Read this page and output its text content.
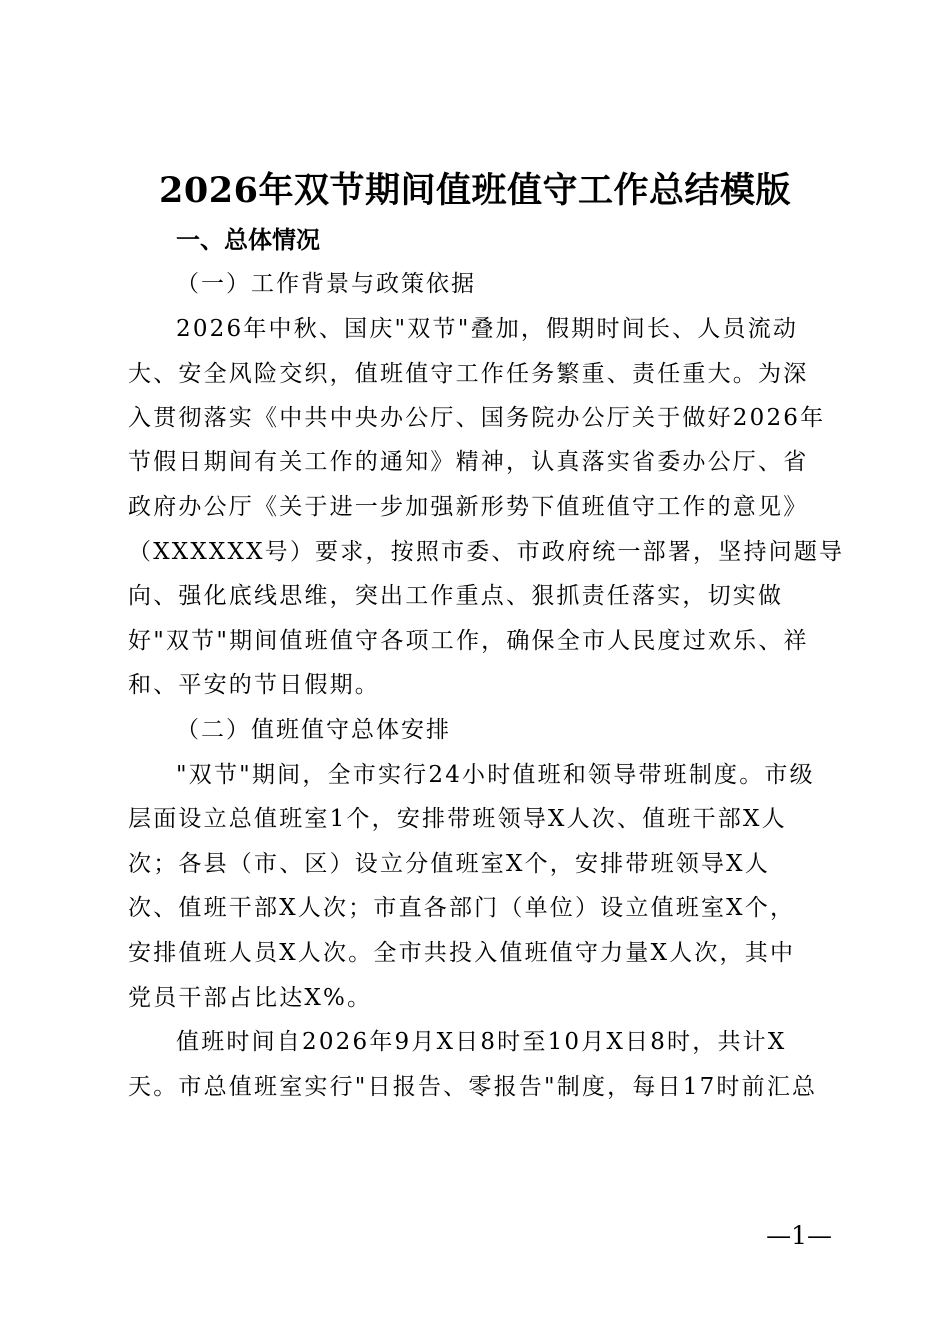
2026年双节期间值班值守工作总结模版
一、总体情况
（一）工作背景与政策依据
2026年中秋、国庆"双节"叠加，假期时间长、人员流动
大、安全风险交织，值班值守工作任务繁重、责任重大。为深
入贯彻落实《中共中央办公厅、国务院办公厅关于做好2026年
节假日期间有关工作的通知》精神，认真落实省委办公厅、省
政府办公厅《关于进一步加强新形势下值班值守工作的意见》
（XXXXXX号）要求，按照市委、市政府统一部署，坚持问题导
向、强化底线思维，突出工作重点、狠抓责任落实，切实做
好"双节"期间值班值守各项工作，确保全市人民度过欢乐、祥
和、平安的节日假期。
（二）值班值守总体安排
"双节"期间，全市实行24小时值班和领导带班制度。市级
层面设立总值班室1个，安排带班领导X人次、值班干部X人
次；各县（市、区）设立分值班室X个，安排带班领导X人
次、值班干部X人次；市直各部门（单位）设立值班室X个，
安排值班人员X人次。全市共投入值班值守力量X人次，其中
党员干部占比达X%。
值班时间自2026年9月X日8时至10月X日8时，共计X
天。市总值班室实行"日报告、零报告"制度，每日17时前汇总
—1—
